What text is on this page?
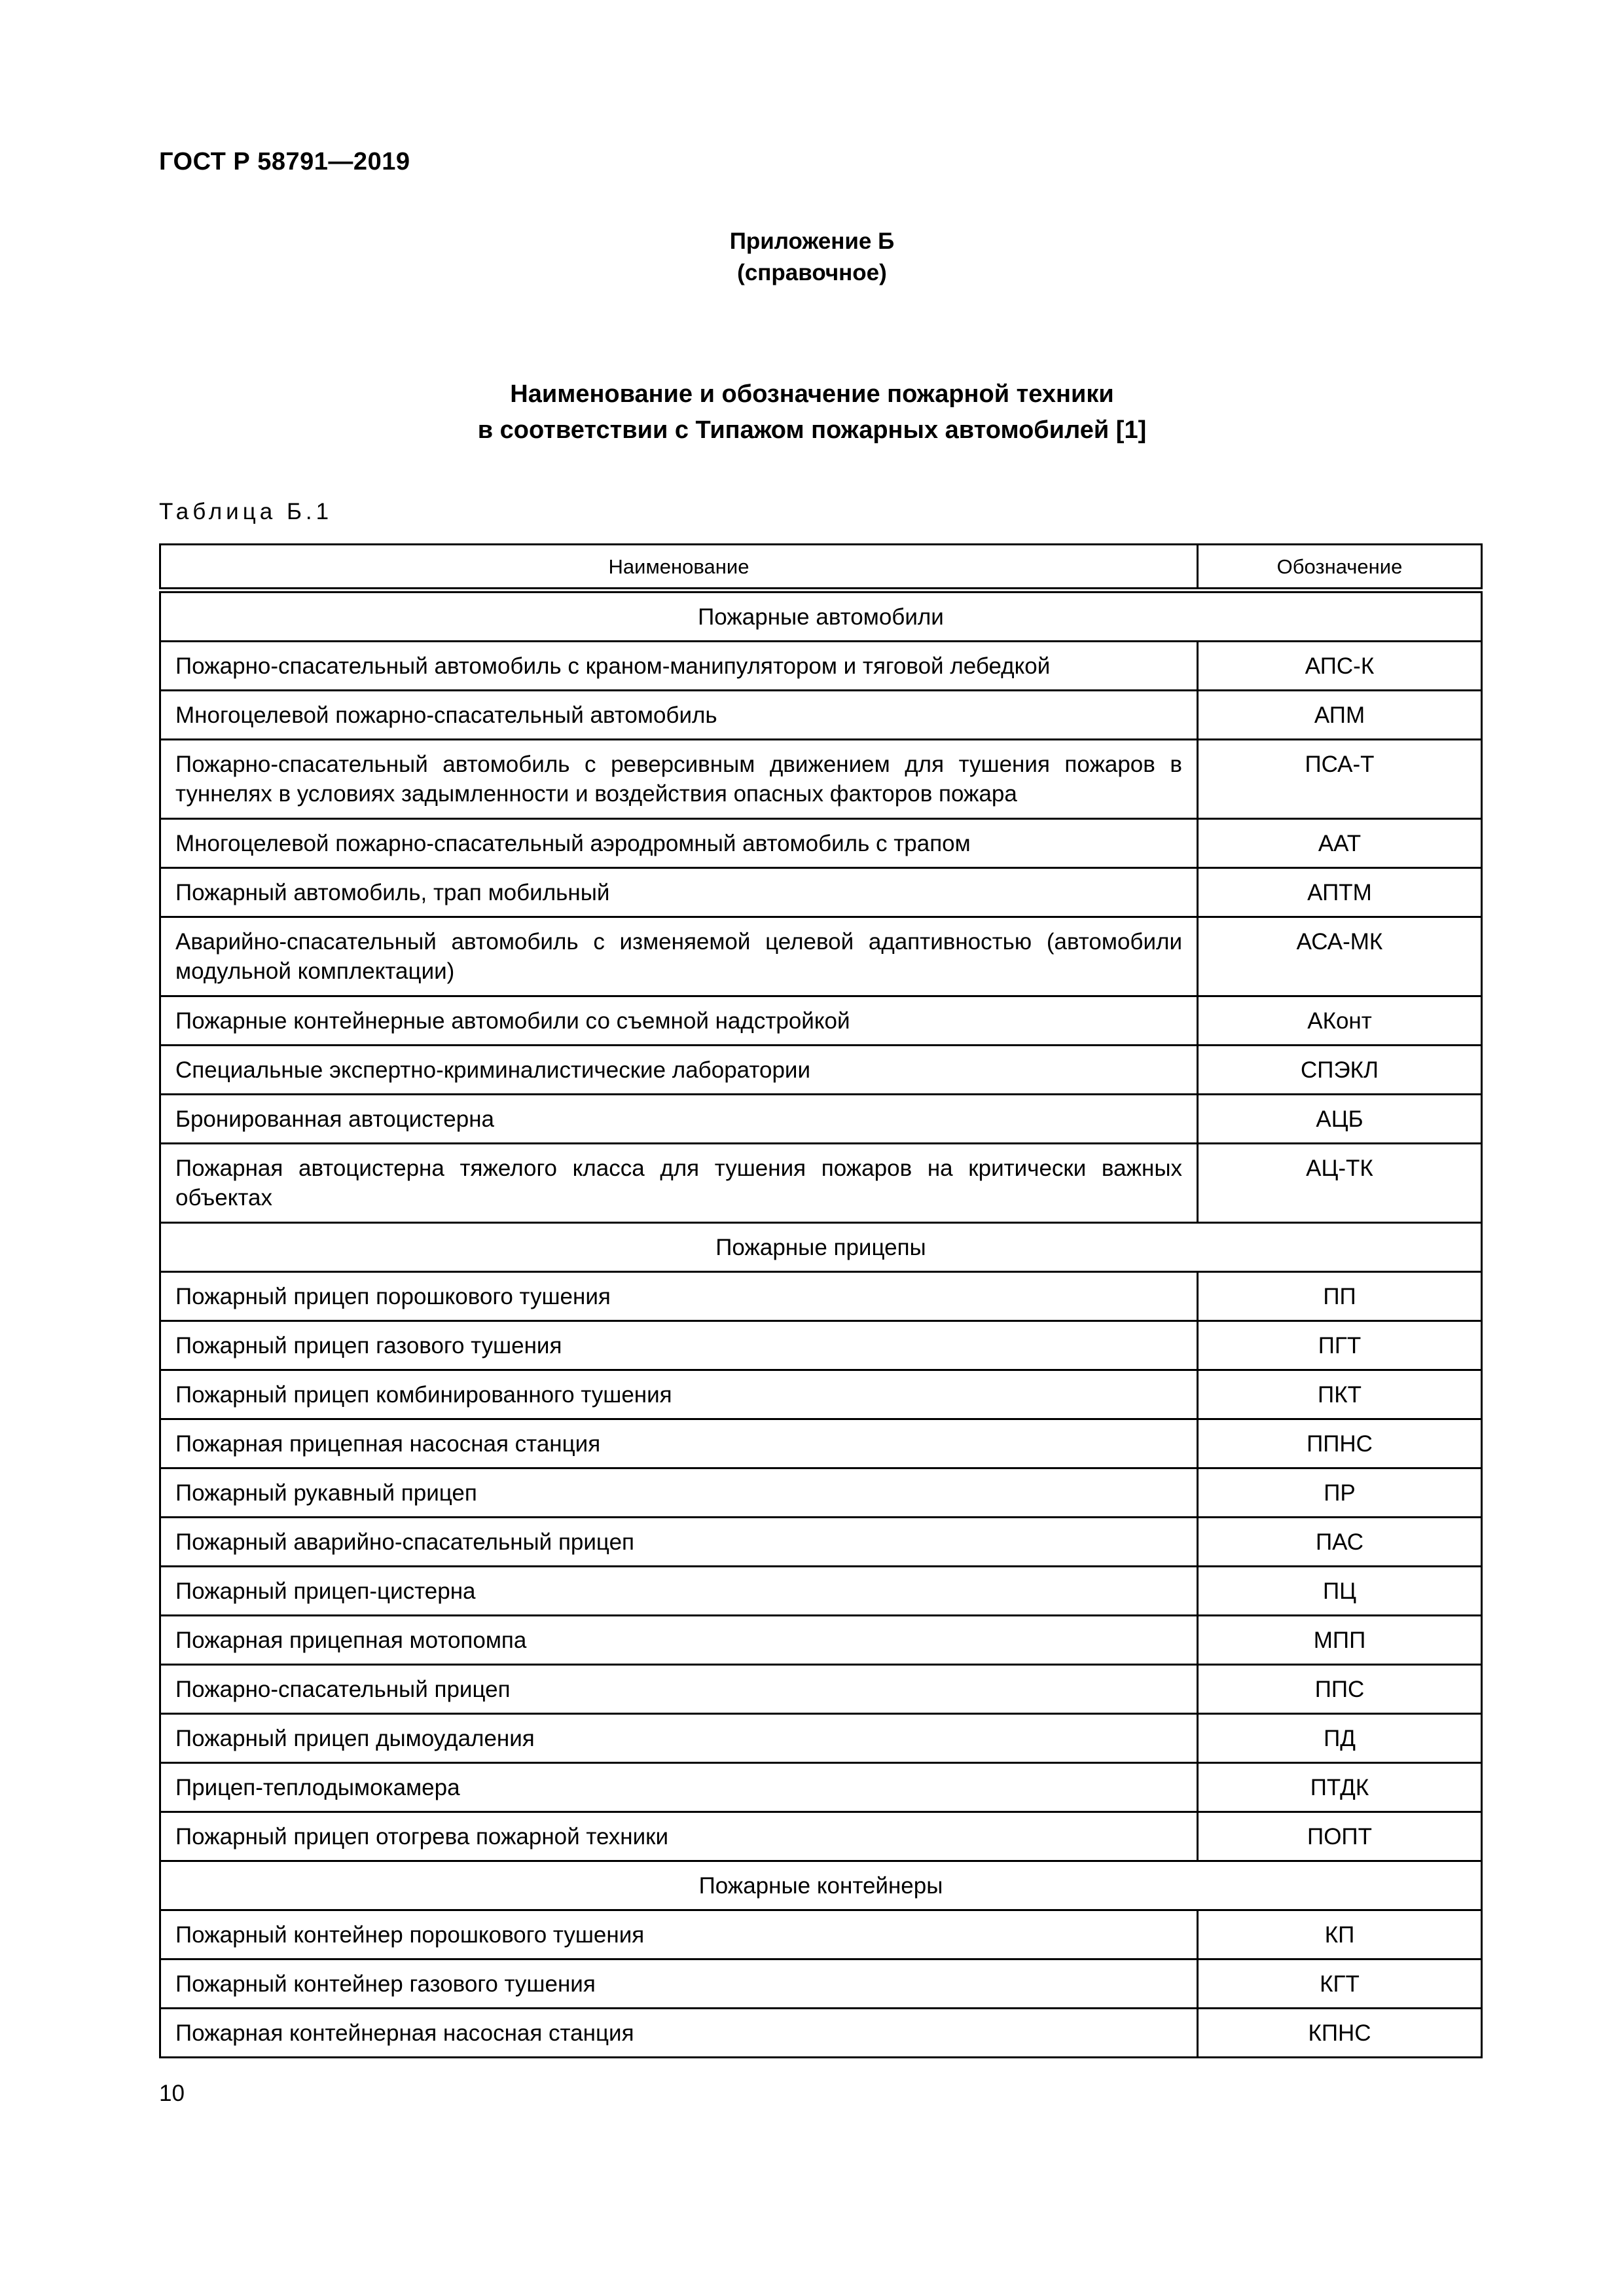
ГОСТ Р 58791—2019
Приложение Б
(справочное)
Наименование и обозначение пожарной техники
в соответствии с Типажом пожарных автомобилей [1]
Таблица Б.1
Наименование	Обозначение
Пожарные автомобили	
Пожарно-спасательный автомобиль с краном-манипулятором и тяговой лебедкой	АПС-К
Многоцелевой пожарно-спасательный автомобиль	АПМ
Пожарно-спасательный автомобиль с реверсивным движением для тушения пожаров в туннелях в условиях задымленности и воздействия опасных факторов пожара	ПСА-Т
Многоцелевой пожарно-спасательный аэродромный автомобиль с трапом	ААТ
Пожарный автомобиль, трап мобильный	АПТМ
Аварийно-спасательный автомобиль с изменяемой целевой адаптивностью (автомобили модульной комплектации)	АСА-МК
Пожарные контейнерные автомобили со съемной надстройкой	АКонт
Специальные экспертно-криминалистические лаборатории	СПЭКЛ
Бронированная автоцистерна	АЦБ
Пожарная автоцистерна тяжелого класса для тушения пожаров на критически важных объектах	АЦ-ТК
Пожарные прицепы	
Пожарный прицеп порошкового тушения	ПП
Пожарный прицеп газового тушения	ПГТ
Пожарный прицеп комбинированного тушения	ПКТ
Пожарная прицепная насосная станция	ППНС
Пожарный рукавный прицеп	ПР
Пожарный аварийно-спасательный прицеп	ПАС
Пожарный прицеп-цистерна	ПЦ
Пожарная прицепная мотопомпа	МПП
Пожарно-спасательный прицеп	ППС
Пожарный прицеп дымоудаления	ПД
Прицеп-теплодымокамера	ПТДК
Пожарный прицеп отогрева пожарной техники	ПОПТ
Пожарные контейнеры	
Пожарный контейнер порошкового тушения	КП
Пожарный контейнер газового тушения	КГТ
Пожарная контейнерная насосная станция	КПНС
10
